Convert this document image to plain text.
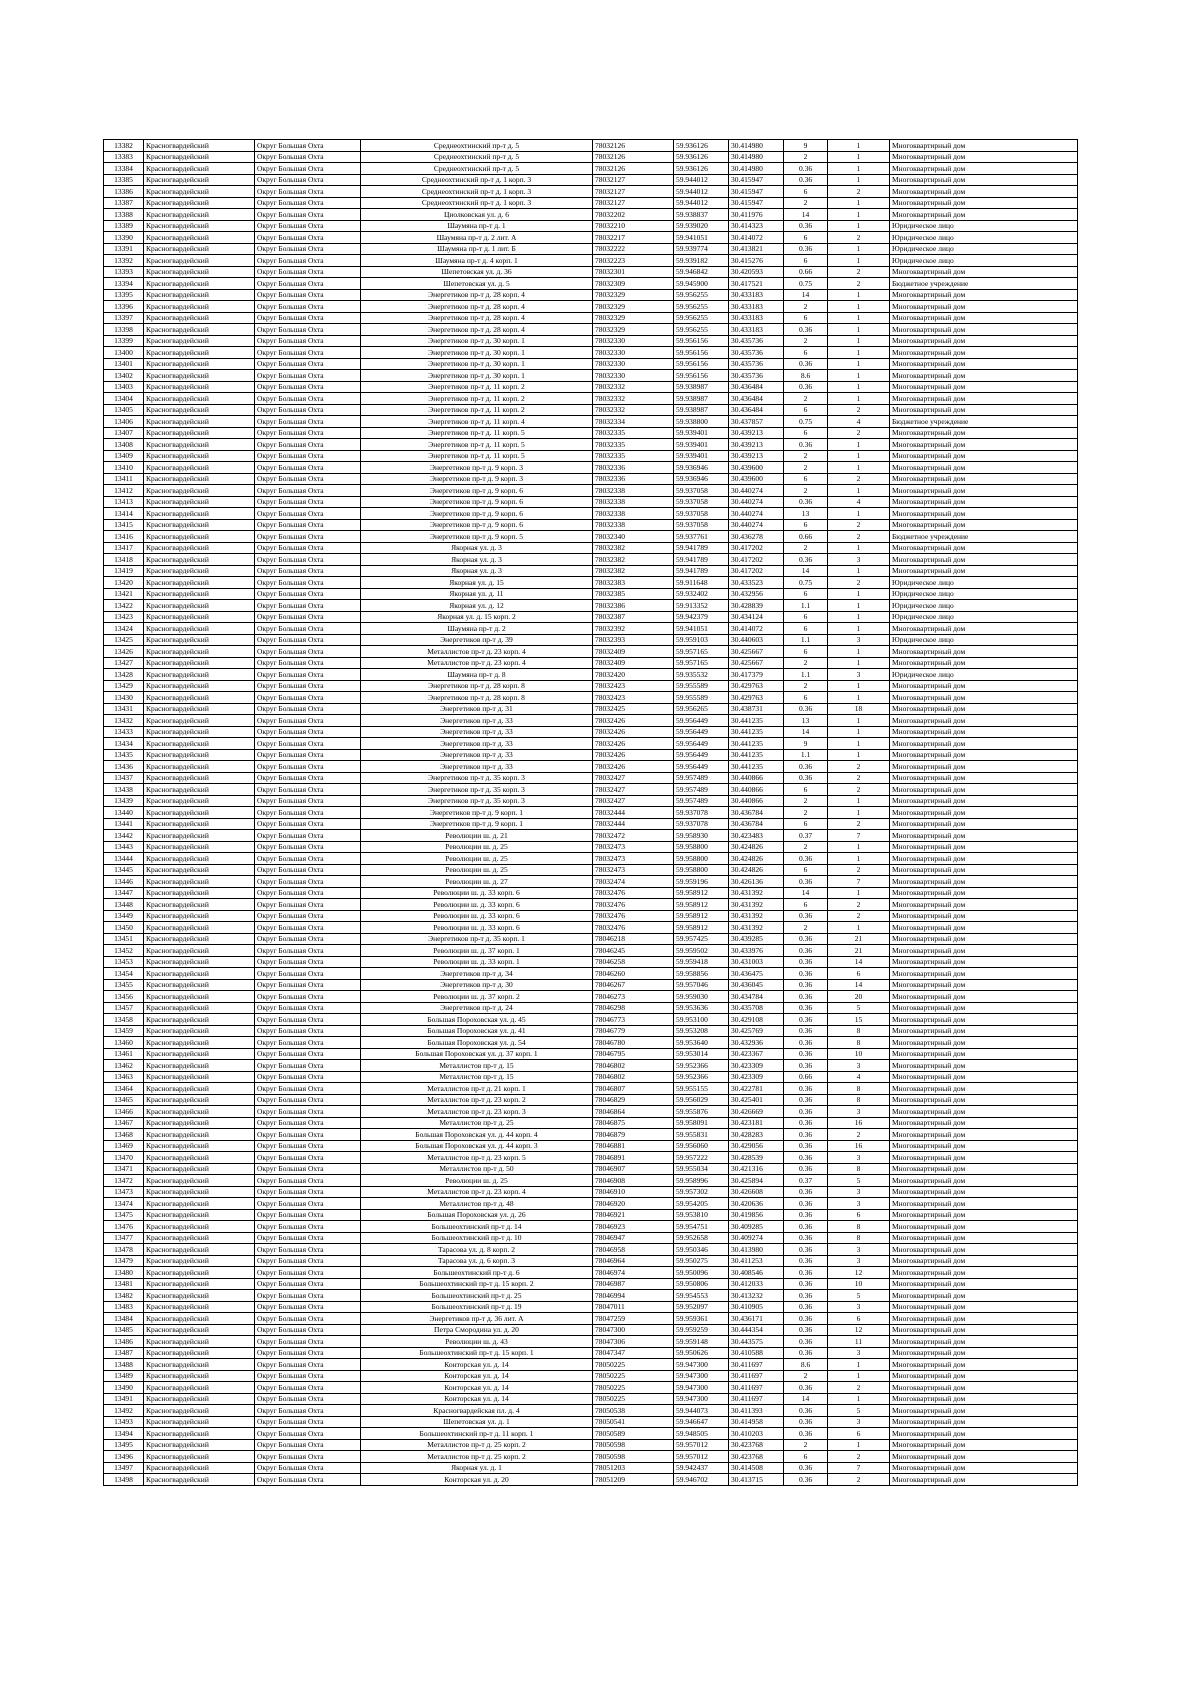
13382	Красногвардейский	Округ Большая Охта	Среднеохтинский пр-т д. 5	78032126	59.936126	30.414980	9	1	Многоквартирный дом
13383	Красногвардейский	Округ Большая Охта	Среднеохтинский пр-т д. 5	78032126	59.936126	30.414980	2	1	Многоквартирный дом
13384	Красногвардейский	Округ Большая Охта	Среднеохтинский пр-т д. 5	78032126	59.936126	30.414980	0.36	1	Многоквартирный дом
13385	Красногвардейский	Округ Большая Охта	Среднеохтинский пр-т д. 1 корп. 3	78032127	59.944012	30.415947	0.36	1	Многоквартирный дом
13386	Красногвардейский	Округ Большая Охта	Среднеохтинский пр-т д. 1 корп. 3	78032127	59.944012	30.415947	6	2	Многоквартирный дом
13387	Красногвардейский	Округ Большая Охта	Среднеохтинский пр-т д. 1 корп. 3	78032127	59.944012	30.415947	2	1	Многоквартирный дом
13388	Красногвардейский	Округ Большая Охта	Циолковская ул. д. 6	78032202	59.938837	30.411976	14	1	Многоквартирный дом
13389	Красногвардейский	Округ Большая Охта	Шаумяна пр-т д. 1	78032210	59.939020	30.414323	0.36	1	Юридическое лицо
13390	Красногвардейский	Округ Большая Охта	Шаумяна пр-т д. 2 лит. А	78032217	59.941051	30.414072	6	2	Юридическое лицо
13391	Красногвардейский	Округ Большая Охта	Шаумяна пр-т д. 1 лит. Б	78032222	59.939774	30.413821	0.36	1	Юридическое лицо
13392	Красногвардейский	Округ Большая Охта	Шаумяна пр-т д. 4 корп. 1	78032223	59.939182	30.415276	6	1	Юридическое лицо
13393	Красногвардейский	Округ Большая Охта	Шепетовская ул. д. 36	78032301	59.946842	30.420593	0.66	2	Многоквартирный дом
13394	Красногвардейский	Округ Большая Охта	Шепетовская ул. д. 5	78032309	59.945900	30.417521	0.75	2	Бюджетное учреждение
13395	Красногвардейский	Округ Большая Охта	Энергетиков пр-т д. 28 корп. 4	78032329	59.956255	30.433183	14	1	Многоквартирный дом
13396	Красногвардейский	Округ Большая Охта	Энергетиков пр-т д. 28 корп. 4	78032329	59.956255	30.433183	2	1	Многоквартирный дом
13397	Красногвардейский	Округ Большая Охта	Энергетиков пр-т д. 28 корп. 4	78032329	59.956255	30.433183	6	1	Многоквартирный дом
13398	Красногвардейский	Округ Большая Охта	Энергетиков пр-т д. 28 корп. 4	78032329	59.956255	30.433183	0.36	1	Многоквартирный дом
13399	Красногвардейский	Округ Большая Охта	Энергетиков пр-т д. 30 корп. 1	78032330	59.956156	30.435736	2	1	Многоквартирный дом
13400	Красногвардейский	Округ Большая Охта	Энергетиков пр-т д. 30 корп. 1	78032330	59.956156	30.435736	6	1	Многоквартирный дом
13401	Красногвардейский	Округ Большая Охта	Энергетиков пр-т д. 30 корп. 1	78032330	59.956156	30.435736	0.36	1	Многоквартирный дом
13402	Красногвардейский	Округ Большая Охта	Энергетиков пр-т д. 30 корп. 1	78032330	59.956156	30.435736	8.6	1	Многоквартирный дом
13403	Красногвардейский	Округ Большая Охта	Энергетиков пр-т д. 11 корп. 2	78032332	59.938987	30.436484	0.36	1	Многоквартирный дом
13404	Красногвардейский	Округ Большая Охта	Энергетиков пр-т д. 11 корп. 2	78032332	59.938987	30.436484	2	1	Многоквартирный дом
13405	Красногвардейский	Округ Большая Охта	Энергетиков пр-т д. 11 корп. 2	78032332	59.938987	30.436484	6	2	Многоквартирный дом
13406	Красногвардейский	Округ Большая Охта	Энергетиков пр-т д. 11 корп. 4	78032334	59.938800	30.437857	0.75	4	Бюджетное учреждение
13407	Красногвардейский	Округ Большая Охта	Энергетиков пр-т д. 11 корп. 5	78032335	59.939401	30.439213	6	2	Многоквартирный дом
13408	Красногвардейский	Округ Большая Охта	Энергетиков пр-т д. 11 корп. 5	78032335	59.939401	30.439213	0.36	1	Многоквартирный дом
13409	Красногвардейский	Округ Большая Охта	Энергетиков пр-т д. 11 корп. 5	78032335	59.939401	30.439213	2	1	Многоквартирный дом
13410	Красногвардейский	Округ Большая Охта	Энергетиков пр-т д. 9 корп. 3	78032336	59.936946	30.439600	2	1	Многоквартирный дом
13411	Красногвардейский	Округ Большая Охта	Энергетиков пр-т д. 9 корп. 3	78032336	59.936946	30.439600	6	2	Многоквартирный дом
13412	Красногвардейский	Округ Большая Охта	Энергетиков пр-т д. 9 корп. 6	78032338	59.937058	30.440274	2	1	Многоквартирный дом
13413	Красногвардейский	Округ Большая Охта	Энергетиков пр-т д. 9 корп. 6	78032338	59.937058	30.440274	0.36	4	Многоквартирный дом
13414	Красногвардейский	Округ Большая Охта	Энергетиков пр-т д. 9 корп. 6	78032338	59.937058	30.440274	13	1	Многоквартирный дом
13415	Красногвардейский	Округ Большая Охта	Энергетиков пр-т д. 9 корп. 6	78032338	59.937058	30.440274	6	2	Многоквартирный дом
13416	Красногвардейский	Округ Большая Охта	Энергетиков пр-т д. 9 корп. 5	78032340	59.937761	30.436278	0.66	2	Бюджетное учреждение
13417	Красногвардейский	Округ Большая Охта	Якорная ул. д. 3	78032382	59.941789	30.417202	2	1	Многоквартирный дом
13418	Красногвардейский	Округ Большая Охта	Якорная ул. д. 3	78032382	59.941789	30.417202	0.36	3	Многоквартирный дом
13419	Красногвардейский	Округ Большая Охта	Якорная ул. д. 3	78032382	59.941789	30.417202	14	1	Многоквартирный дом
13420	Красногвардейский	Округ Большая Охта	Якорная ул. д. 15	78032383	59.911648	30.433523	0.75	2	Юридическое лицо
13421	Красногвардейский	Округ Большая Охта	Якорная ул. д. 11	78032385	59.932402	30.432956	6	1	Юридическое лицо
13422	Красногвардейский	Округ Большая Охта	Якорная ул. д. 12	78032386	59.913352	30.428839	1.1	1	Юридическое лицо
13423	Красногвардейский	Округ Большая Охта	Якорная ул. д. 15 корп. 2	78032387	59.942379	30.434124	6	1	Юридическое лицо
13424	Красногвардейский	Округ Большая Охта	Шаумяна пр-т д. 2	78032392	59.941051	30.414072	6	1	Многоквартирный дом
13425	Красногвардейский	Округ Большая Охта	Энергетиков пр-т д. 39	78032393	59.959103	30.440603	1.1	3	Юридическое лицо
13426	Красногвардейский	Округ Большая Охта	Металлистов пр-т д. 23 корп. 4	78032409	59.957165	30.425667	6	1	Многоквартирный дом
13427	Красногвардейский	Округ Большая Охта	Металлистов пр-т д. 23 корп. 4	78032409	59.957165	30.425667	2	1	Многоквартирный дом
13428	Красногвардейский	Округ Большая Охта	Шаумяна пр-т д. 8	78032420	59.935532	30.417379	1.1	3	Юридическое лицо
13429	Красногвардейский	Округ Большая Охта	Энергетиков пр-т д. 28 корп. 8	78032423	59.955589	30.429763	2	1	Многоквартирный дом
13430	Красногвардейский	Округ Большая Охта	Энергетиков пр-т д. 28 корп. 8	78032423	59.955589	30.429763	6	1	Многоквартирный дом
13431	Красногвардейский	Округ Большая Охта	Энергетиков пр-т д. 31	78032425	59.956265	30.438731	0.36	18	Многоквартирный дом
13432	Красногвардейский	Округ Большая Охта	Энергетиков пр-т д. 33	78032426	59.956449	30.441235	13	1	Многоквартирный дом
13433	Красногвардейский	Округ Большая Охта	Энергетиков пр-т д. 33	78032426	59.956449	30.441235	14	1	Многоквартирный дом
13434	Красногвардейский	Округ Большая Охта	Энергетиков пр-т д. 33	78032426	59.956449	30.441235	9	1	Многоквартирный дом
13435	Красногвардейский	Округ Большая Охта	Энергетиков пр-т д. 33	78032426	59.956449	30.441235	1.1	1	Многоквартирный дом
13436	Красногвардейский	Округ Большая Охта	Энергетиков пр-т д. 33	78032426	59.956449	30.441235	0.36	2	Многоквартирный дом
13437	Красногвардейский	Округ Большая Охта	Энергетиков пр-т д. 35 корп. 3	78032427	59.957489	30.440866	0.36	2	Многоквартирный дом
13438	Красногвардейский	Округ Большая Охта	Энергетиков пр-т д. 35 корп. 3	78032427	59.957489	30.440866	6	2	Многоквартирный дом
13439	Красногвардейский	Округ Большая Охта	Энергетиков пр-т д. 35 корп. 3	78032427	59.957489	30.440866	2	1	Многоквартирный дом
13440	Красногвардейский	Округ Большая Охта	Энергетиков пр-т д. 9 корп. 1	78032444	59.937078	30.436784	2	1	Многоквартирный дом
13441	Красногвардейский	Округ Большая Охта	Энергетиков пр-т д. 9 корп. 1	78032444	59.937078	30.436784	6	2	Многоквартирный дом
13442	Красногвардейский	Округ Большая Охта	Революции ш. д. 21	78032472	59.958930	30.423483	0.37	7	Многоквартирный дом
13443	Красногвардейский	Округ Большая Охта	Революции ш. д. 25	78032473	59.958800	30.424826	2	1	Многоквартирный дом
13444	Красногвардейский	Округ Большая Охта	Революции ш. д. 25	78032473	59.958800	30.424826	0.36	1	Многоквартирный дом
13445	Красногвардейский	Округ Большая Охта	Революции ш. д. 25	78032473	59.958800	30.424826	6	2	Многоквартирный дом
13446	Красногвардейский	Округ Большая Охта	Революции ш. д. 27	78032474	59.959196	30.426136	0.36	7	Многоквартирный дом
13447	Красногвардейский	Округ Большая Охта	Революции ш. д. 33 корп. 6	78032476	59.958912	30.431392	14	1	Многоквартирный дом
13448	Красногвардейский	Округ Большая Охта	Революции ш. д. 33 корп. 6	78032476	59.958912	30.431392	6	2	Многоквартирный дом
13449	Красногвардейский	Округ Большая Охта	Революции ш. д. 33 корп. 6	78032476	59.958912	30.431392	0.36	2	Многоквартирный дом
13450	Красногвардейский	Округ Большая Охта	Революции ш. д. 33 корп. 6	78032476	59.958912	30.431392	2	1	Многоквартирный дом
13451	Красногвардейский	Округ Большая Охта	Энергетиков пр-т д. 35 корп. 1	78046218	59.957425	30.439285	0.36	21	Многоквартирный дом
13452	Красногвардейский	Округ Большая Охта	Революции ш. д. 37 корп. 1	78046245	59.959502	30.433976	0.36	21	Многоквартирный дом
13453	Красногвардейский	Округ Большая Охта	Революции ш. д. 33 корп. 1	78046258	59.959418	30.431003	0.36	14	Многоквартирный дом
13454	Красногвардейский	Округ Большая Охта	Энергетиков пр-т д. 34	78046260	59.958856	30.436475	0.36	6	Многоквартирный дом
13455	Красногвардейский	Округ Большая Охта	Энергетиков пр-т д. 30	78046267	59.957046	30.436045	0.36	14	Многоквартирный дом
13456	Красногвардейский	Округ Большая Охта	Революции ш. д. 37 корп. 2	78046273	59.959030	30.434784	0.36	20	Многоквартирный дом
13457	Красногвардейский	Округ Большая Охта	Энергетиков пр-т д. 24	78046298	59.953636	30.435708	0.36	5	Многоквартирный дом
13458	Красногвардейский	Округ Большая Охта	Большая Пороховская ул. д. 45	78046773	59.953100	30.429108	0.36	15	Многоквартирный дом
13459	Красногвардейский	Округ Большая Охта	Большая Пороховская ул. д. 41	78046779	59.953208	30.425769	0.36	8	Многоквартирный дом
13460	Красногвардейский	Округ Большая Охта	Большая Пороховская ул. д. 54	78046780	59.953640	30.432936	0.36	8	Многоквартирный дом
13461	Красногвардейский	Округ Большая Охта	Большая Пороховская ул. д. 37 корп. 1	78046795	59.953014	30.423367	0.36	10	Многоквартирный дом
13462	Красногвардейский	Округ Большая Охта	Металлистов пр-т д. 15	78046802	59.952366	30.423309	0.36	3	Многоквартирный дом
13463	Красногвардейский	Округ Большая Охта	Металлистов пр-т д. 15	78046802	59.952366	30.423309	0.66	4	Многоквартирный дом
13464	Красногвардейский	Округ Большая Охта	Металлистов пр-т д. 21 корп. 1	78046807	59.955155	30.422781	0.36	8	Многоквартирный дом
13465	Красногвардейский	Округ Большая Охта	Металлистов пр-т д. 23 корп. 2	78046829	59.956029	30.425401	0.36	8	Многоквартирный дом
13466	Красногвардейский	Округ Большая Охта	Металлистов пр-т д. 23 корп. 3	78046864	59.955876	30.426669	0.36	3	Многоквартирный дом
13467	Красногвардейский	Округ Большая Охта	Металлистов пр-т д. 25	78046875	59.958091	30.423181	0.36	16	Многоквартирный дом
13468	Красногвардейский	Округ Большая Охта	Большая Пороховская ул. д. 44 корп. 4	78046879	59.955831	30.428283	0.36	2	Многоквартирный дом
13469	Красногвардейский	Округ Большая Охта	Большая Пороховская ул. д. 44 корп. 3	78046881	59.956060	30.429056	0.36	16	Многоквартирный дом
13470	Красногвардейский	Округ Большая Охта	Металлистов пр-т д. 23 корп. 5	78046891	59.957222	30.428539	0.36	3	Многоквартирный дом
13471	Красногвардейский	Округ Большая Охта	Металлистов пр-т д. 50	78046907	59.955034	30.421316	0.36	8	Многоквартирный дом
13472	Красногвардейский	Округ Большая Охта	Революции ш. д. 25	78046908	59.958996	30.425894	0.37	5	Многоквартирный дом
13473	Красногвардейский	Округ Большая Охта	Металлистов пр-т д. 23 корп. 4	78046910	59.957302	30.426608	0.36	3	Многоквартирный дом
13474	Красногвардейский	Округ Большая Охта	Металлистов пр-т д. 48	78046920	59.954205	30.420636	0.36	3	Многоквартирный дом
13475	Красногвардейский	Округ Большая Охта	Большая Пороховская ул. д. 26	78046921	59.953810	30.419856	0.36	6	Многоквартирный дом
13476	Красногвардейский	Округ Большая Охта	Большеохтинский пр-т д. 14	78046923	59.954751	30.409285	0.36	8	Многоквартирный дом
13477	Красногвардейский	Округ Большая Охта	Большеохтинский пр-т д. 10	78046947	59.952658	30.409274	0.36	8	Многоквартирный дом
13478	Красногвардейский	Округ Большая Охта	Тарасова ул. д. 8 корп. 2	78046958	59.950346	30.413980	0.36	3	Многоквартирный дом
13479	Красногвардейский	Округ Большая Охта	Тарасова ул. д. 6 корп. 3	78046964	59.950275	30.411253	0.36	3	Многоквартирный дом
13480	Красногвардейский	Округ Большая Охта	Большеохтинский пр-т д. 6	78046974	59.950096	30.408546	0.36	12	Многоквартирный дом
13481	Красногвардейский	Округ Большая Охта	Большеохтинский пр-т д. 15 корп. 2	78046987	59.950806	30.412033	0.36	10	Многоквартирный дом
13482	Красногвардейский	Округ Большая Охта	Большеохтинский пр-т д. 25	78046994	59.954553	30.413232	0.36	5	Многоквартирный дом
13483	Красногвардейский	Округ Большая Охта	Большеохтинский пр-т д. 19	78047011	59.952097	30.410905	0.36	3	Многоквартирный дом
13484	Красногвардейский	Округ Большая Охта	Энергетиков пр-т д. 36 лит. А	78047259	59.959361	30.436171	0.36	6	Многоквартирный дом
13485	Красногвардейский	Округ Большая Охта	Петра Смородина ул. д. 20	78047300	59.959259	30.444354	0.36	12	Многоквартирный дом
13486	Красногвардейский	Округ Большая Охта	Революции ш. д. 43	78047306	59.959148	30.443575	0.36	11	Многоквартирный дом
13487	Красногвардейский	Округ Большая Охта	Большеохтинский пр-т д. 15 корп. 1	78047347	59.950626	30.410588	0.36	3	Многоквартирный дом
13488	Красногвардейский	Округ Большая Охта	Конторская ул. д. 14	78050225	59.947300	30.411697	8.6	1	Многоквартирный дом
13489	Красногвардейский	Округ Большая Охта	Конторская ул. д. 14	78050225	59.947300	30.411697	2	1	Многоквартирный дом
13490	Красногвардейский	Округ Большая Охта	Конторская ул. д. 14	78050225	59.947300	30.411697	0.36	2	Многоквартирный дом
13491	Красногвардейский	Округ Большая Охта	Конторская ул. д. 14	78050225	59.947300	30.411697	14	1	Многоквартирный дом
13492	Красногвардейский	Округ Большая Охта	Красногвардейская пл. д. 4	78050538	59.944073	30.411393	0.36	5	Многоквартирный дом
13493	Красногвардейский	Округ Большая Охта	Шепетовская ул. д. 1	78050541	59.946647	30.414958	0.36	3	Многоквартирный дом
13494	Красногвардейский	Округ Большая Охта	Большеохтинский пр-т д. 11 корп. 1	78050589	59.948505	30.410203	0.36	6	Многоквартирный дом
13495	Красногвардейский	Округ Большая Охта	Металлистов пр-т д. 25 корп. 2	78050598	59.957012	30.423768	2	1	Многоквартирный дом
13496	Красногвардейский	Округ Большая Охта	Металлистов пр-т д. 25 корп. 2	78050598	59.957012	30.423768	6	2	Многоквартирный дом
13497	Красногвардейский	Округ Большая Охта	Якорная ул. д. 1	78051203	59.942437	30.414508	0.36	7	Многоквартирный дом
13498	Красногвардейский	Округ Большая Охта	Конторская ул. д. 20	78051209	59.946702	30.413715	0.36	2	Многоквартирный дом
